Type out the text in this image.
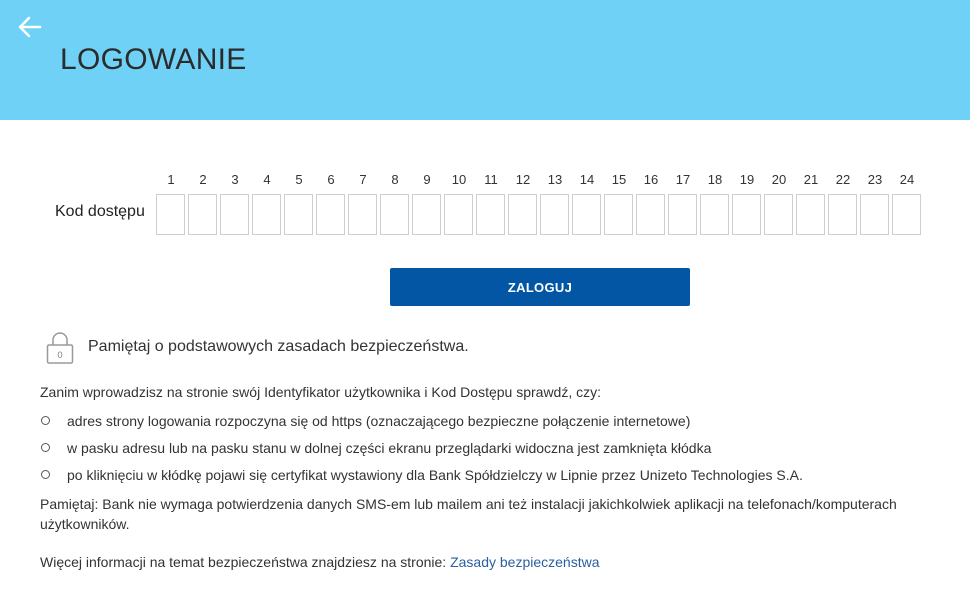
LOGOWANIE
Kod dostępu
1	2	3	4	5	6	7	8	9	10	11	12	13	14	15	16	17	18	19	20	21	22	23	24
ZALOGUJ
0
Pamiętaj o podstawowych zasadach bezpieczeństwa.
Zanim wprowadzisz na stronie swój Identyfikator użytkownika i Kod Dostępu sprawdź, czy:
adres strony logowania rozpoczyna się od https (oznaczającego bezpieczne połączenie internetowe)
w pasku adresu lub na pasku stanu w dolnej części ekranu przeglądarki widoczna jest zamknięta kłódka
po kliknięciu w kłódkę pojawi się certyfikat wystawiony dla Bank Spółdzielczy w Lipnie przez Unizeto Technologies S.A.
Pamiętaj: Bank nie wymaga potwierdzenia danych SMS-em lub mailem ani też instalacji jakichkolwiek aplikacji na telefonach/komputerach użytkowników.
Więcej informacji na temat bezpieczeństwa znajdziesz na stronie: Zasady bezpieczeństwa
